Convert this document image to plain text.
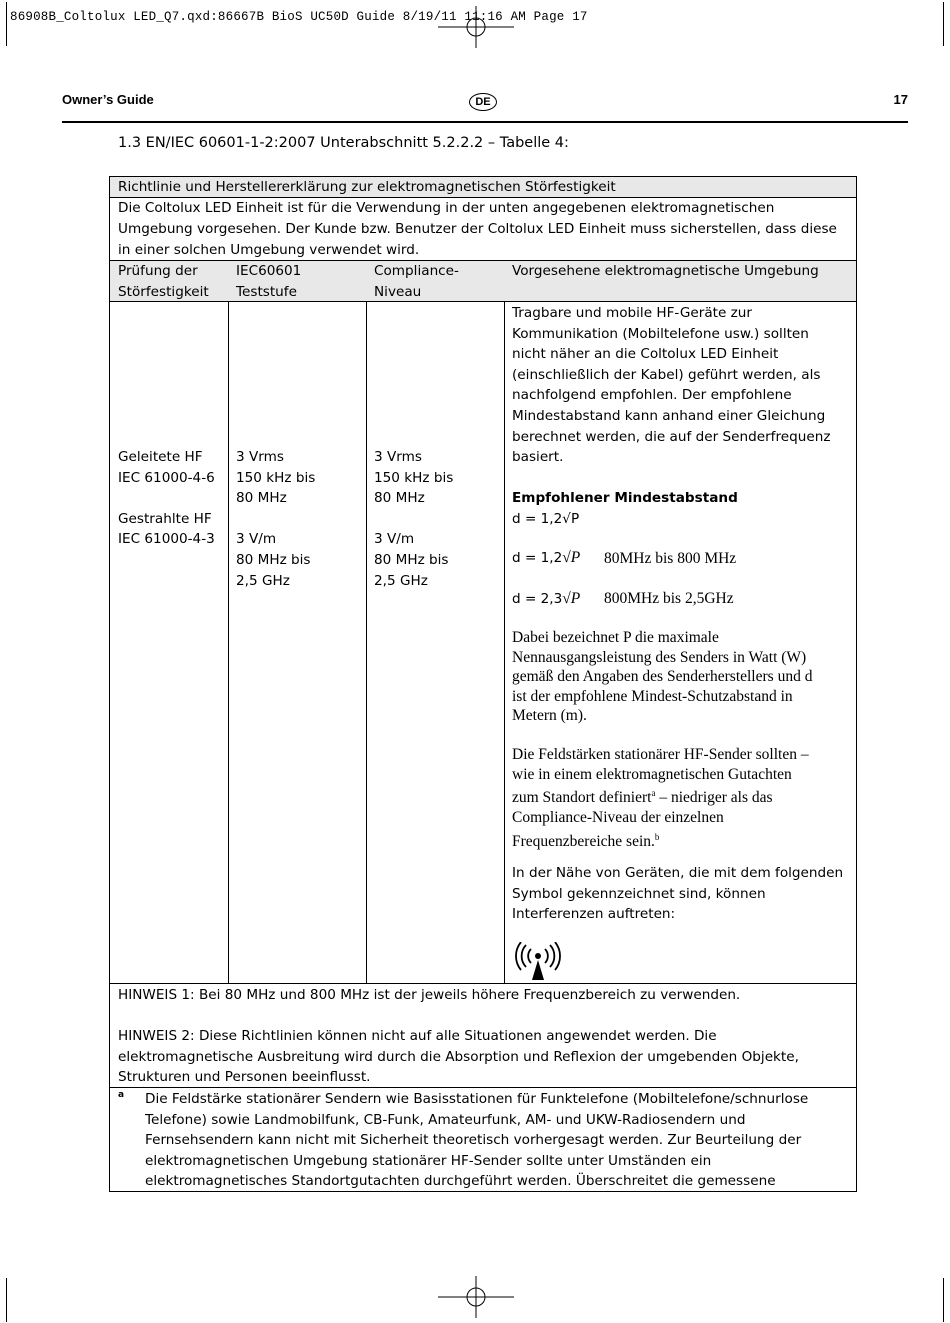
86908B_Coltolux LED_Q7.qxd:86667B BioS UC50D Guide 8/19/11 11:16 AM Page 17
Owner’s Guide	DE	17
1.3 EN/IEC 60601-1-2:2007 Unterabschnitt 5.2.2.2 – Tabelle 4:
Richtlinie und Herstellererklärung zur elektromagnetischen Störfestigkeit
Die Coltolux LED Einheit ist für die Verwendung in der unten angegebenen elektromagnetischen
Umgebung vorgesehen. Der Kunde bzw. Benutzer der Coltolux LED Einheit muss sicherstellen, dass diese
in einer solchen Umgebung verwendet wird.
Prüfung der
Störfestigkeit
IEC60601
Teststufe
Compliance-
Niveau
Vorgesehene elektromagnetische Umgebung
Geleitete HF
IEC 61000-4-6
Gestrahlte HF
IEC 61000-4-3
3 Vrms
150 kHz bis
80 MHz
3 V/m
80 MHz bis
2,5 GHz
3 Vrms
150 kHz bis
80 MHz
3 V/m
80 MHz bis
2,5 GHz
Tragbare und mobile HF-Geräte zur
Kommunikation (Mobiltelefone usw.) sollten
nicht näher an die Coltolux LED Einheit
(einschließlich der Kabel) geführt werden, als
nachfolgend empfohlen. Der empfohlene
Mindestabstand kann anhand einer Gleichung
berechnet werden, die auf der Senderfrequenz
basiert.
Empfohlener Mindestabstand
d = 1,2√P
d = 1,2√P 80MHz bis 800 MHz
d = 2,3√P 800MHz bis 2,5GHz
Dabei bezeichnet P die maximale
Nennausgangsleistung des Senders in Watt (W)
gemäß den Angaben des Senderherstellers und d
ist der empfohlene Mindest-Schutzabstand in
Metern (m).
Die Feldstärken stationärer HF-Sender sollten –
wie in einem elektromagnetischen Gutachten
zum Standort definiert$^a$ – niedriger als das
Compliance-Niveau der einzelnen
Frequenzbereiche sein.$^b$
In der Nähe von Geräten, die mit dem folgenden
Symbol gekennzeichnet sind, können
Interferenzen auftreten:
HINWEIS 1: Bei 80 MHz und 800 MHz ist der jeweils höhere Frequenzbereich zu verwenden.
HINWEIS 2: Diese Richtlinien können nicht auf alle Situationen angewendet werden. Die
elektromagnetische Ausbreitung wird durch die Absorption und Reflexion der umgebenden Objekte,
Strukturen und Personen beeinflusst.
a Die Feldstärke stationärer Sendern wie Basisstationen für Funktelefone (Mobiltelefone/schnurlose
Telefone) sowie Landmobilfunk, CB-Funk, Amateurfunk, AM- und UKW-Radiosendern und
Fernsehsendern kann nicht mit Sicherheit theoretisch vorhergesagt werden. Zur Beurteilung der
elektromagnetischen Umgebung stationärer HF-Sender sollte unter Umständen ein
elektromagnetisches Standortgutachten durchgeführt werden. Überschreitet die gemessene
